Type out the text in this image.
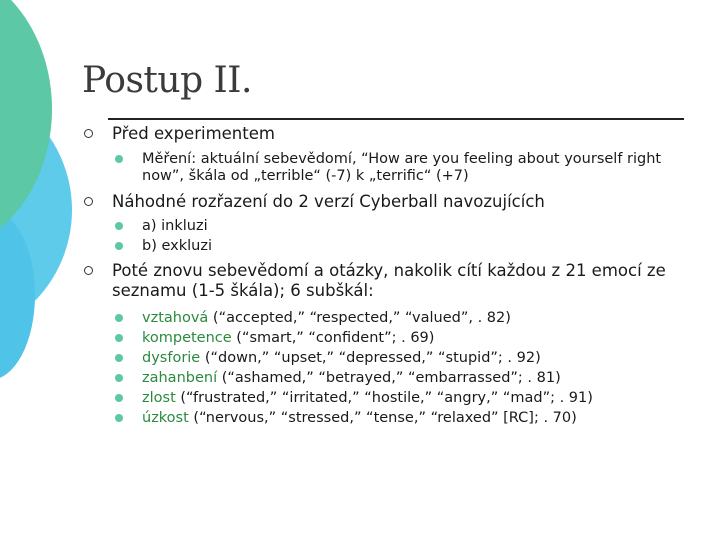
Postup II.
Před experimentem
Měření: aktuální sebevědomí, “How are you feeling about yourself right now”, škála od „terrible“ (-7) k „terrific“ (+7)
Náhodné rozřazení do 2 verzí Cyberball navozujících
a) inkluzi
b) exkluzi
Poté znovu sebevědomí a otázky, nakolik cítí každou z 21 emocí ze seznamu (1-5 škála); 6 subškál:
vztahová (“accepted,” “respected,” “valued”, . 82)
kompetence (“smart,” “confident”; . 69)
dysforie (“down,” “upset,” “depressed,” “stupid”; . 92)
zahanbení (“ashamed,” “betrayed,” “embarrassed”; . 81)
zlost (“frustrated,” “irritated,” “hostile,” “angry,” “mad”; . 91)
úzkost (“nervous,” “stressed,” “tense,” “relaxed” [RC]; . 70)
